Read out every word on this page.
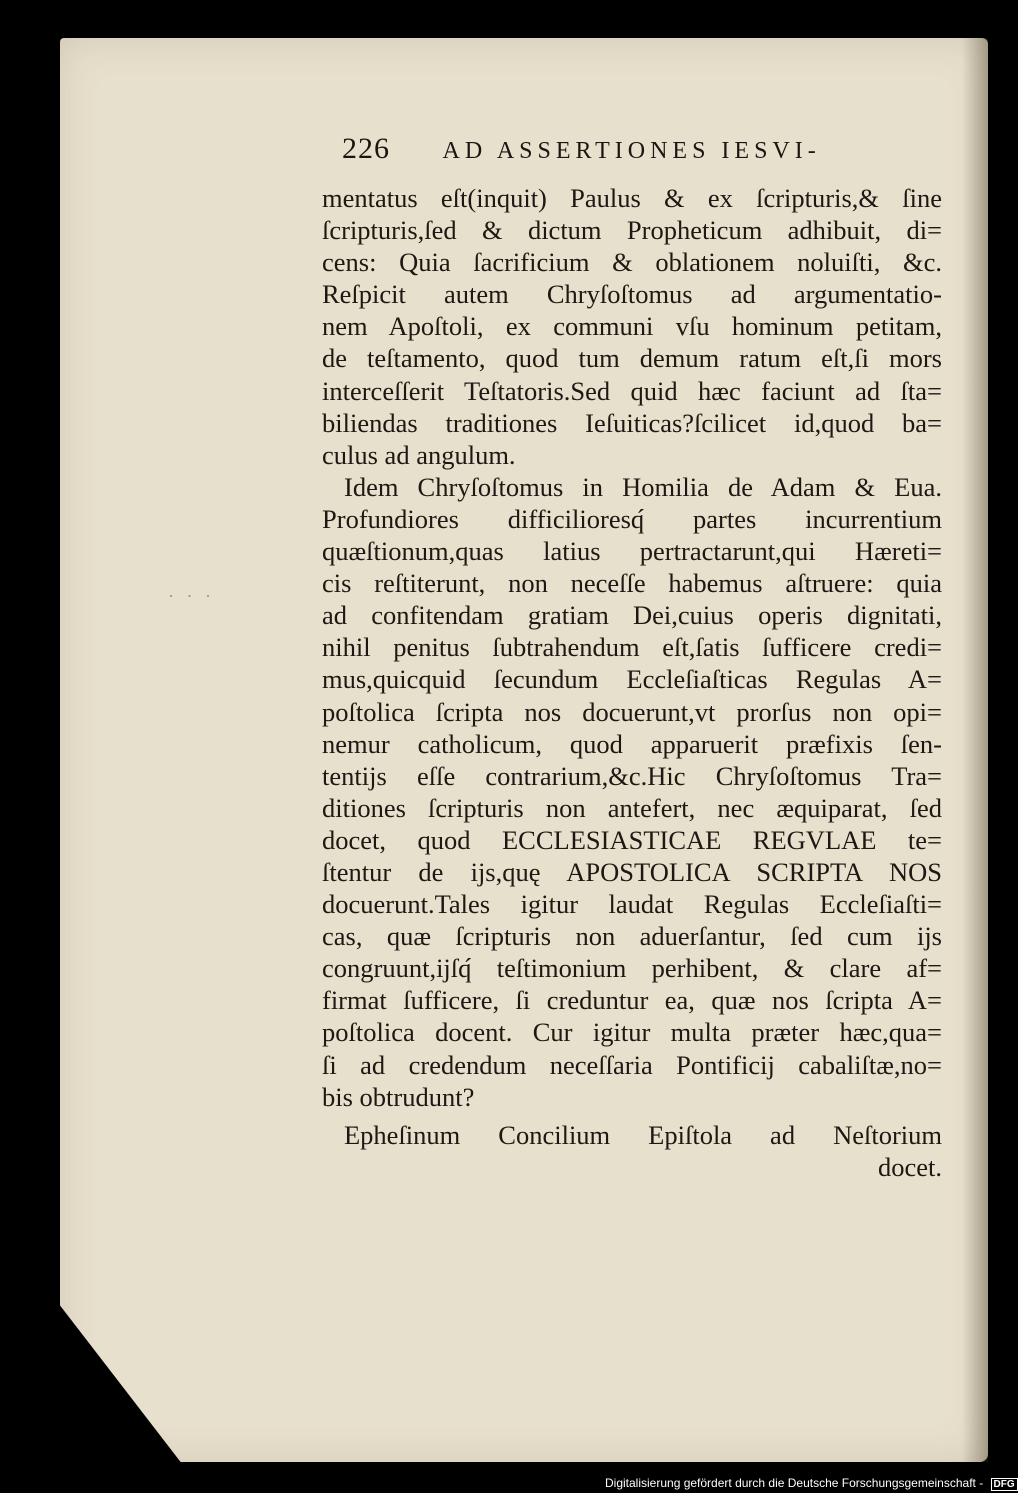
· · ·
226 AD ASSERTIONES IESVI-
mentatus eſt(inquit) Paulus & ex ſcripturis,& ſine
ſcripturis,ſed & dictum Propheticum adhibuit, di=
cens: Quia ſacrificium & oblationem noluiſti, &c.
Reſpicit autem Chryſoſtomus ad argumentatio-
nem Apoſtoli, ex communi vſu hominum petitam,
de teſtamento, quod tum demum ratum eſt,ſi mors
interceſſerit Teſtatoris.Sed quid hæc faciunt ad ſta=
biliendas traditiones Ieſuiticas?ſcilicet id,quod ba=
culus ad angulum.
Idem Chryſoſtomus in Homilia de Adam & Eua.
Profundiores difficilioresq́ partes incurrentium
quæſtionum,quas latius pertractarunt,qui Hæreti=
cis reſtiterunt, non neceſſe habemus aſtruere: quia
ad confitendam gratiam Dei,cuius operis dignitati,
nihil penitus ſubtrahendum eſt,ſatis ſufficere credi=
mus,quicquid ſecundum Eccleſiaſticas Regulas A=
poſtolica ſcripta nos docuerunt,vt prorſus non opi=
nemur catholicum, quod apparuerit præfixis ſen-
tentijs eſſe contrarium,&c.Hic Chryſoſtomus Tra=
ditiones ſcripturis non antefert, nec æquiparat, ſed
docet, quod ECCLESIASTICAE REGVLAE te=
ſtentur de ijs,quę APOSTOLICA SCRIPTA NOS
docuerunt.Tales igitur laudat Regulas Eccleſiaſti=
cas, quæ ſcripturis non aduerſantur, ſed cum ijs
congruunt,ijſq́ teſtimonium perhibent, & clare af=
firmat ſufficere, ſi creduntur ea, quæ nos ſcripta A=
poſtolica docent. Cur igitur multa præter hæc,qua=
ſi ad credendum neceſſaria Pontificij cabaliſtæ,no=
bis obtrudunt?
Epheſinum Concilium Epiſtola ad Neſtorium
docet.
Digitalisierung gefördert durch die Deutsche Forschungsgemeinschaft - DFG
